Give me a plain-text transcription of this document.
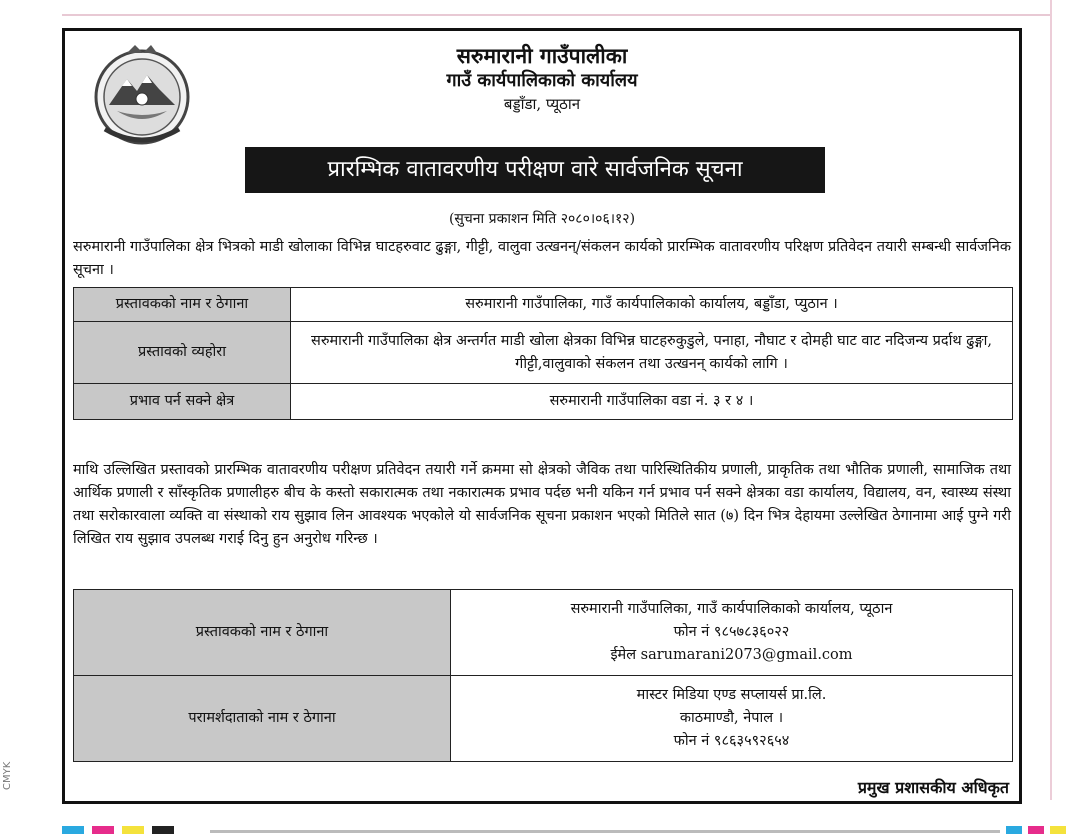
सरुमारानी गाउँपालीका
गाउँ कार्यपालिकाको कार्यालय
बड्डाँडा, प्यूठान
प्रारम्भिक वातावरणीय परीक्षण वारे सार्वजनिक सूचना
(सुचना प्रकाशन मिति २०८०।०६।१२)
सरुमारानी गाउँपालिका क्षेत्र भित्रको माडी खोलाका विभिन्न घाटहरुवाट ढुङ्गा, गीट्टी, वालुवा उत्खनन्/संकलन कार्यको प्रारम्भिक वातावरणीय परिक्षण प्रतिवेदन तयारी सम्बन्धी सार्वजनिक सूचना ।
प्रस्तावकको नाम र ठेगाना	सरुमारानी गाउँपालिका, गाउँ कार्यपालिकाको कार्यालय, बड्डाँडा, प्युठान ।
प्रस्तावको व्यहोरा	सरुमारानी गाउँपालिका क्षेत्र अन्तर्गत माडी खोला क्षेत्रका विभिन्न घाटहरुकुडुले, पनाहा, नौघाट र दोमही घाट वाट नदिजन्य प्रर्दाथ ढुङ्गा, गीट्टी,वालुवाको संकलन तथा उत्खनन् कार्यको लागि ।
प्रभाव पर्न सक्ने क्षेत्र	सरुमारानी गाउँपालिका वडा नं. ३ र ४ ।
माथि उल्लिखित प्रस्तावको प्रारम्भिक वातावरणीय परीक्षण प्रतिवेदन तयारी गर्ने क्रममा सो क्षेत्रको जैविक तथा पारिस्थितिकीय प्रणाली, प्राकृतिक तथा भौतिक प्रणाली, सामाजिक तथा आर्थिक प्रणाली र साँस्कृतिक प्रणालीहरु बीच के कस्तो सकारात्मक तथा नकारात्मक प्रभाव पर्दछ भनी यकिन गर्न प्रभाव पर्न सक्ने क्षेत्रका वडा कार्यालय, विद्यालय, वन, स्वास्थ्य संस्था तथा सरोकारवाला व्यक्ति वा संस्थाको राय सुझाव लिन आवश्यक भएकोले यो सार्वजनिक सूचना प्रकाशन भएको मितिले सात (७) दिन भित्र देहायमा उल्लेखित ठेगानामा आई पुग्ने गरी लिखित राय सुझाव उपलब्ध गराई दिनु हुन अनुरोध गरिन्छ ।
प्रस्तावकको नाम र ठेगाना	सरुमारानी गाउँपालिका, गाउँ कार्यपालिकाको कार्यालय, प्यूठान
फोन नं ९८५७८३६०२२
ईमेल sarumarani2073@gmail.com

परामर्शदाताको नाम र ठेगाना	मास्टर मिडिया एण्ड सप्लायर्स प्रा.लि.
काठमाण्डौ, नेपाल ।
फोन नं ९८६३५९२६५४
प्रमुख प्रशासकीय अधिकृत
CMYK
